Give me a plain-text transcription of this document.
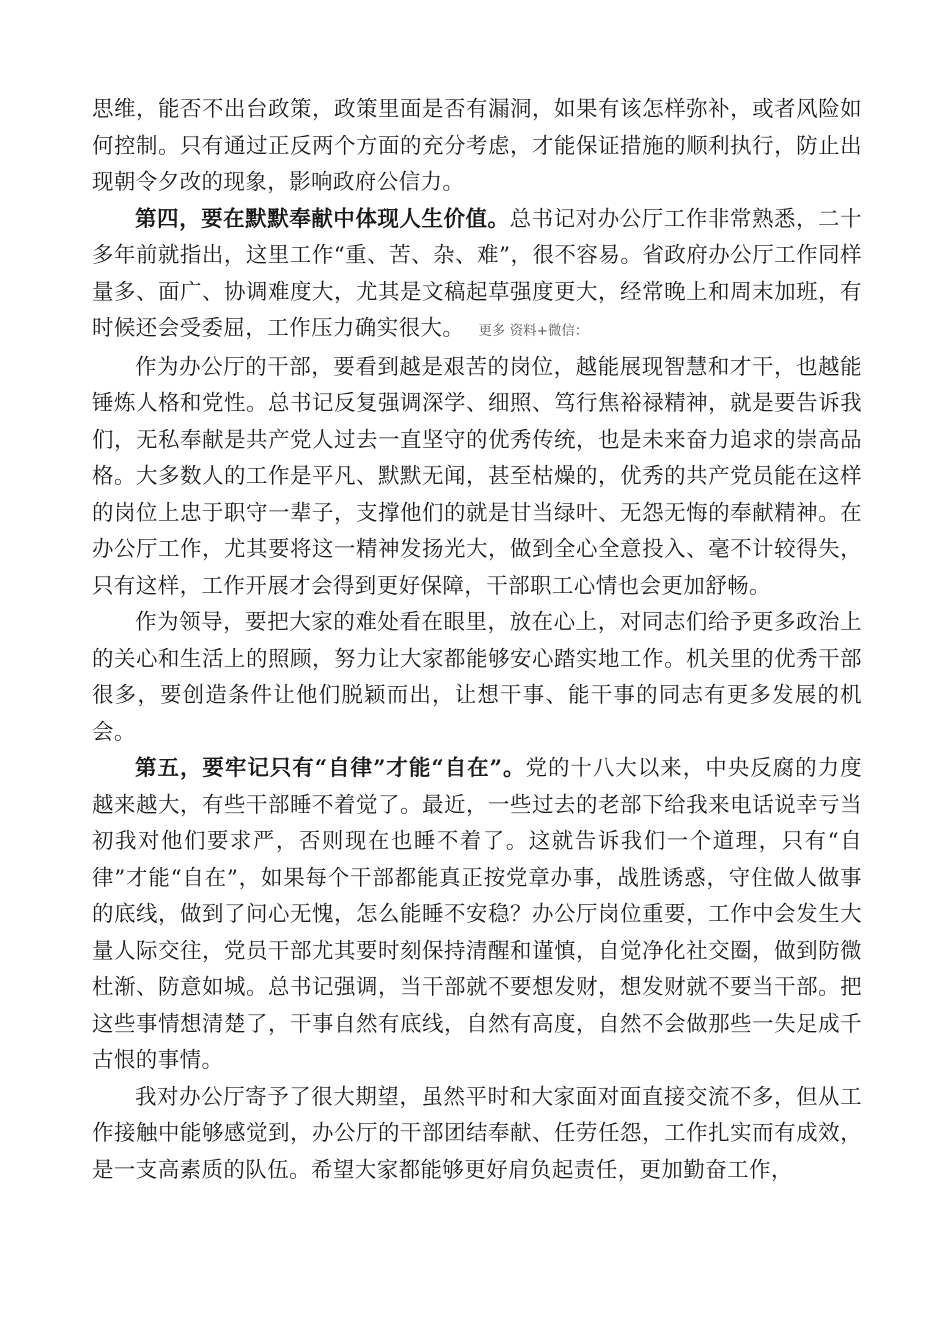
思维，能否不出台政策，政策里面是否有漏洞，如果有该怎样弥补，或者风险如何控制。只有通过正反两个方面的充分考虑，才能保证措施的顺利执行，防止出现朝令夕改的现象，影响政府公信力。

第四，要在默默奉献中体现人生价值。总书记对办公厅工作非常熟悉，二十多年前就指出，这里工作“重、苦、杂、难”，很不容易。省政府办公厅工作同样量多、面广、协调难度大，尤其是文稿起草强度更大，经常晚上和周末加班，有时候还会受委屈，工作压力确实很大。 更多 资料+微信：

作为办公厅的干部，要看到越是艰苦的岗位，越能展现智慧和才干，也越能锤炼人格和党性。总书记反复强调深学、细照、笃行焦裕禄精神，就是要告诉我们，无私奉献是共产党人过去一直坚守的优秀传统，也是未来奋力追求的崇高品格。大多数人的工作是平凡、默默无闻，甚至枯燥的，优秀的共产党员能在这样的岗位上忠于职守一辈子，支撑他们的就是甘当绿叶、无怨无悔的奉献精神。在办公厅工作，尤其要将这一精神发扬光大，做到全心全意投入、毫不计较得失，只有这样，工作开展才会得到更好保障，干部职工心情也会更加舒畅。

作为领导，要把大家的难处看在眼里，放在心上，对同志们给予更多政治上的关心和生活上的照顾，努力让大家都能够安心踏实地工作。机关里的优秀干部很多，要创造条件让他们脱颖而出，让想干事、能干事的同志有更多发展的机会。

第五，要牢记只有“自律”才能“自在”。党的十八大以来，中央反腐的力度越来越大，有些干部睡不着觉了。最近，一些过去的老部下给我来电话说幸亏当初我对他们要求严，否则现在也睡不着了。这就告诉我们一个道理，只有“自律”才能“自在”，如果每个干部都能真正按党章办事，战胜诱惑，守住做人做事的底线，做到了问心无愧，怎么能睡不安稳？办公厅岗位重要，工作中会发生大量人际交往，党员干部尤其要时刻保持清醒和谨慎，自觉净化社交圈，做到防微杜渐、防意如城。总书记强调，当干部就不要想发财，想发财就不要当干部。把这些事情想清楚了，干事自然有底线，自然有高度，自然不会做那些一失足成千古恨的事情。

我对办公厅寄予了很大期望，虽然平时和大家面对面直接交流不多，但从工作接触中能够感觉到，办公厅的干部团结奉献、任劳任怨，工作扎实而有成效，是一支高素质的队伍。希望大家都能够更好肩负起责任，更加勤奋工作，
